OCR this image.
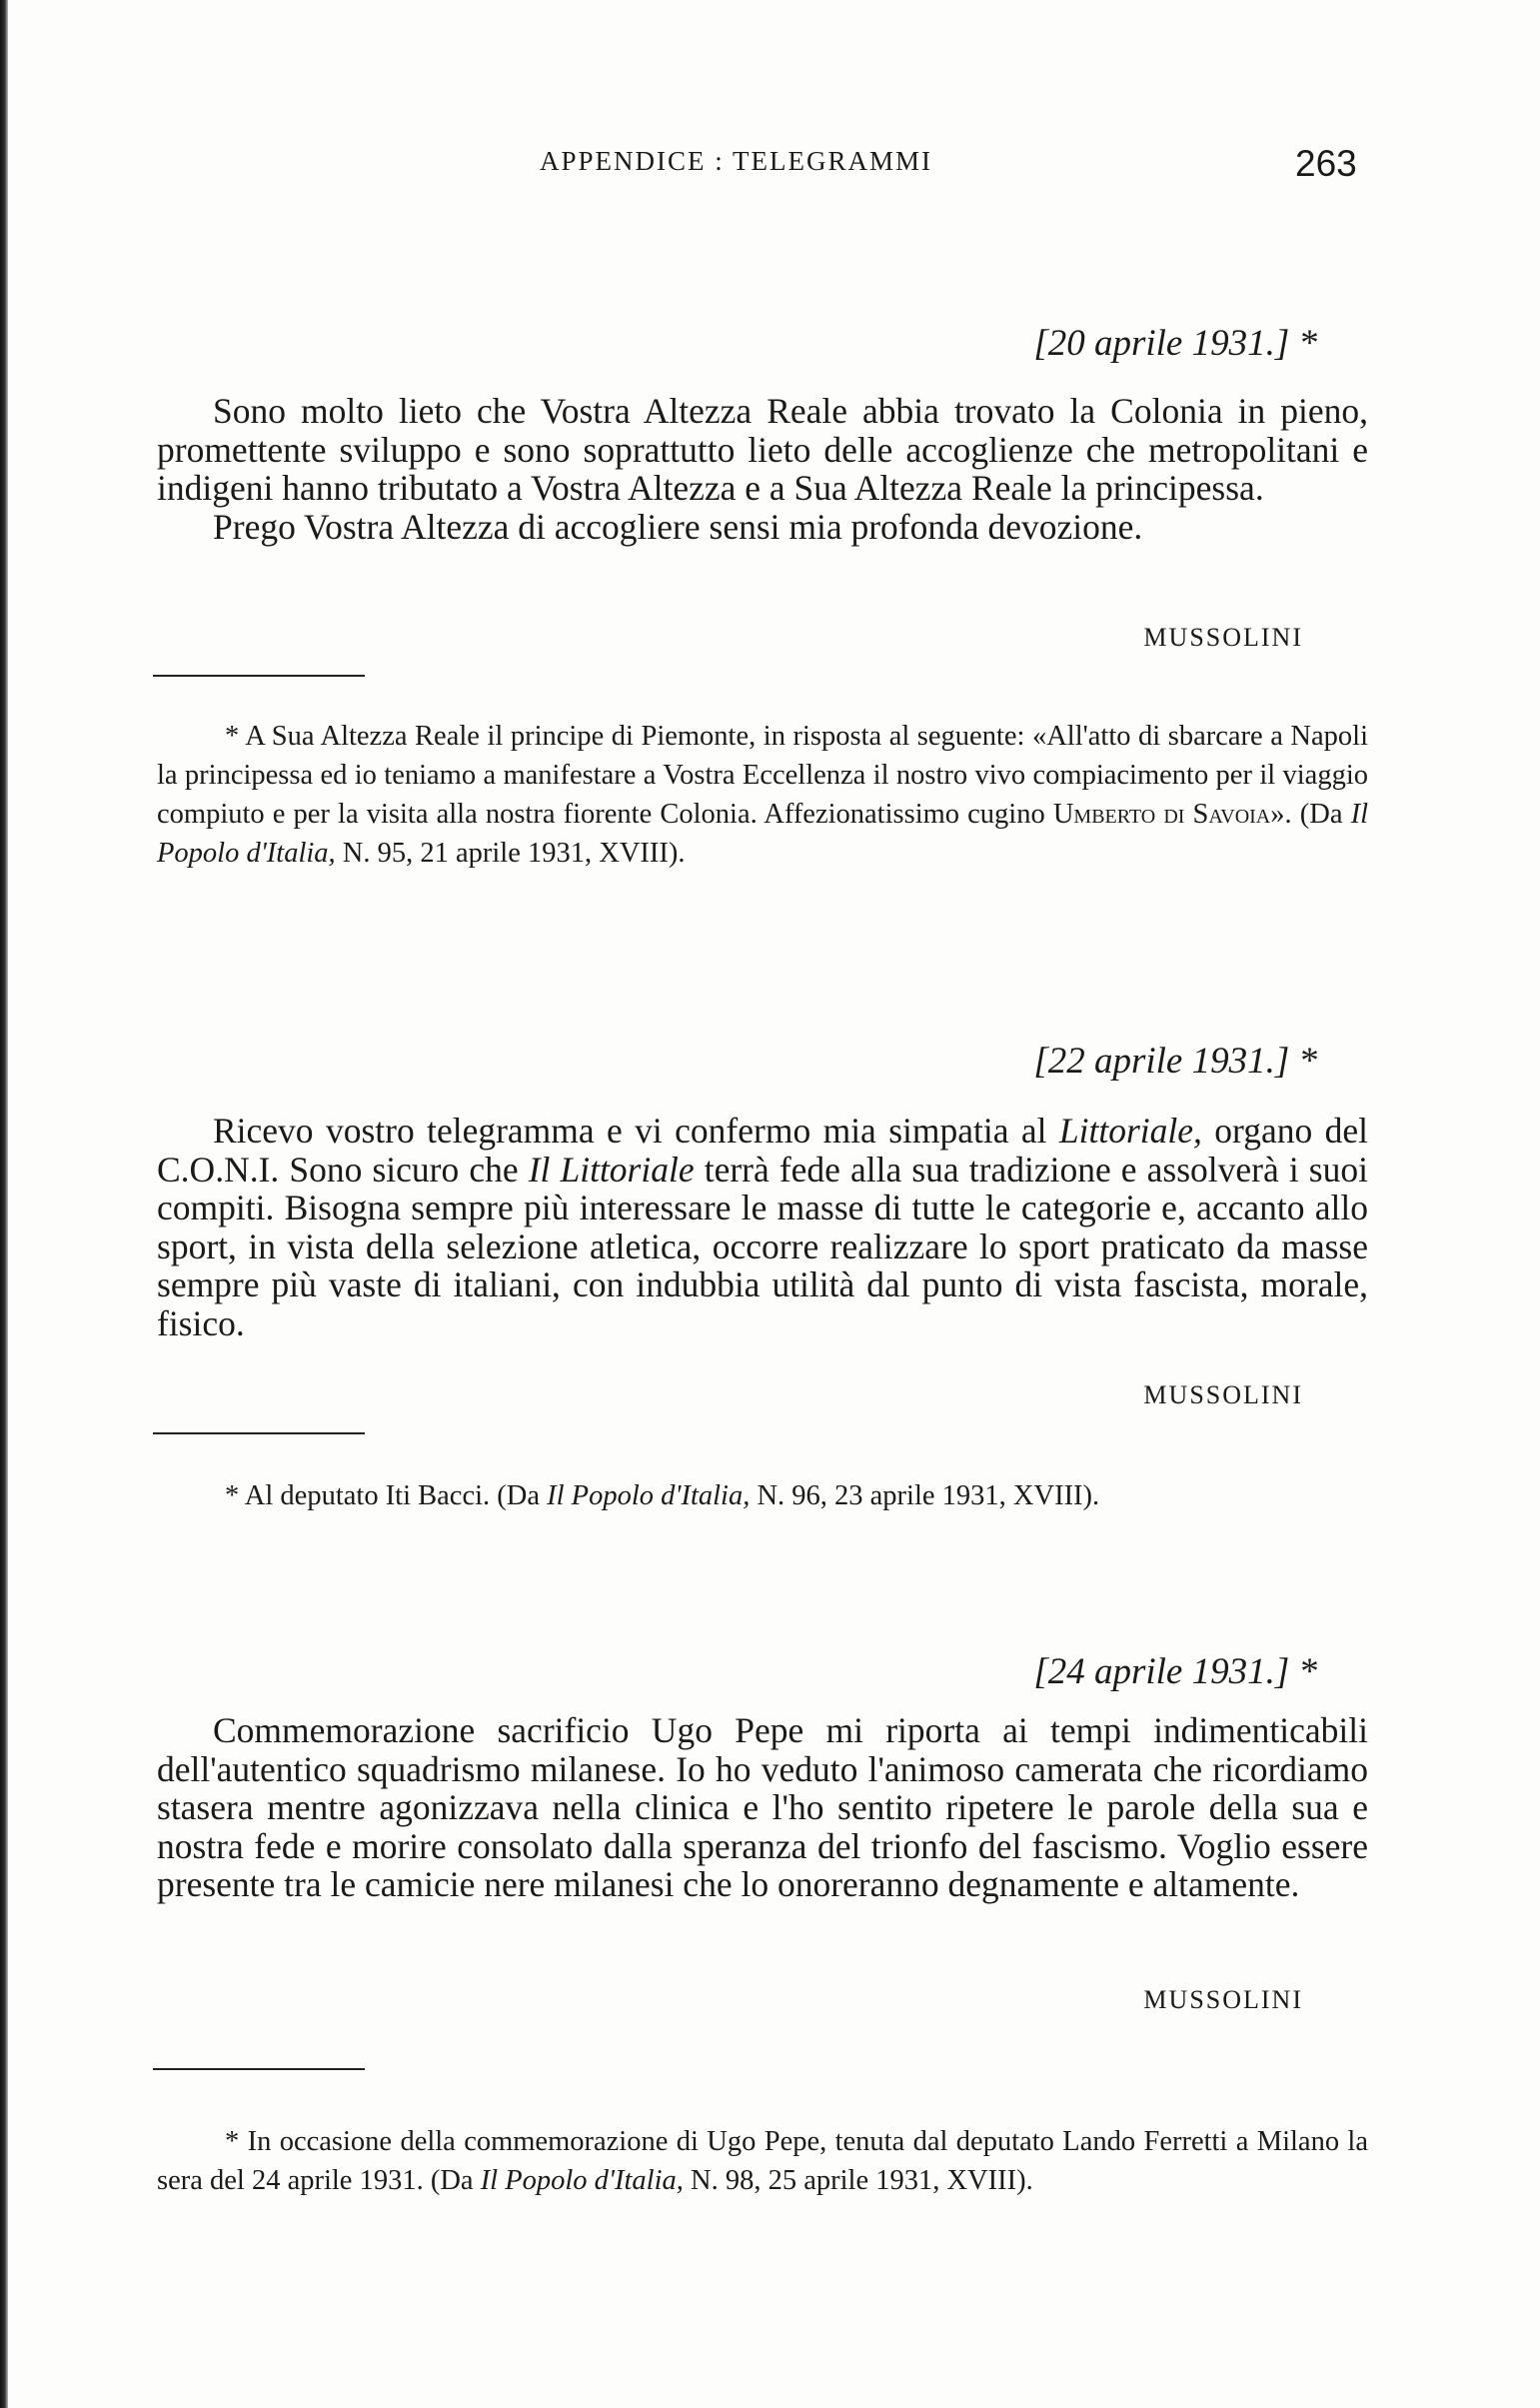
APPENDICE : TELEGRAMMI	263
[20 aprile 1931.] *

Sono molto lieto che Vostra Altezza Reale abbia trovato la Colonia in pieno, promettente sviluppo e sono soprattutto lieto delle accoglienze che metropolitani e indigeni hanno tributato a Vostra Altezza e a Sua Altezza Reale la principessa.

Prego Vostra Altezza di accogliere sensi mia profonda devozione.

MUSSOLINI

* A Sua Altezza Reale il principe di Piemonte, in risposta al seguente: «All'atto di sbarcare a Napoli la principessa ed io teniamo a manifestare a Vostra Eccellenza il nostro vivo compiacimento per il viaggio compiuto e per la visita alla nostra fiorente Colonia. Affezionatissimo cugino Umberto di Savoia». (Da Il Popolo d'Italia, N. 95, 21 aprile 1931, XVIII).

[22 aprile 1931.] *

Ricevo vostro telegramma e vi confermo mia simpatia al Littoriale, organo del C.O.N.I. Sono sicuro che Il Littoriale terrà fede alla sua tradizione e assolverà i suoi compiti. Bisogna sempre più interessare le masse di tutte le categorie e, accanto allo sport, in vista della selezione atletica, occorre realizzare lo sport praticato da masse sempre più vaste di italiani, con indubbia utilità dal punto di vista fascista, morale, fisico.

MUSSOLINI

* Al deputato Iti Bacci. (Da Il Popolo d'Italia, N. 96, 23 aprile 1931, XVIII).

[24 aprile 1931.] *

Commemorazione sacrificio Ugo Pepe mi riporta ai tempi indimenticabili dell'autentico squadrismo milanese. Io ho veduto l'animoso camerata che ricordiamo stasera mentre agonizzava nella clinica e l'ho sentito ripetere le parole della sua e nostra fede e morire consolato dalla speranza del trionfo del fascismo. Voglio essere presente tra le camicie nere milanesi che lo onoreranno degnamente e altamente.

MUSSOLINI

* In occasione della commemorazione di Ugo Pepe, tenuta dal deputato Lando Ferretti a Milano la sera del 24 aprile 1931. (Da Il Popolo d'Italia, N. 98, 25 aprile 1931, XVIII).
